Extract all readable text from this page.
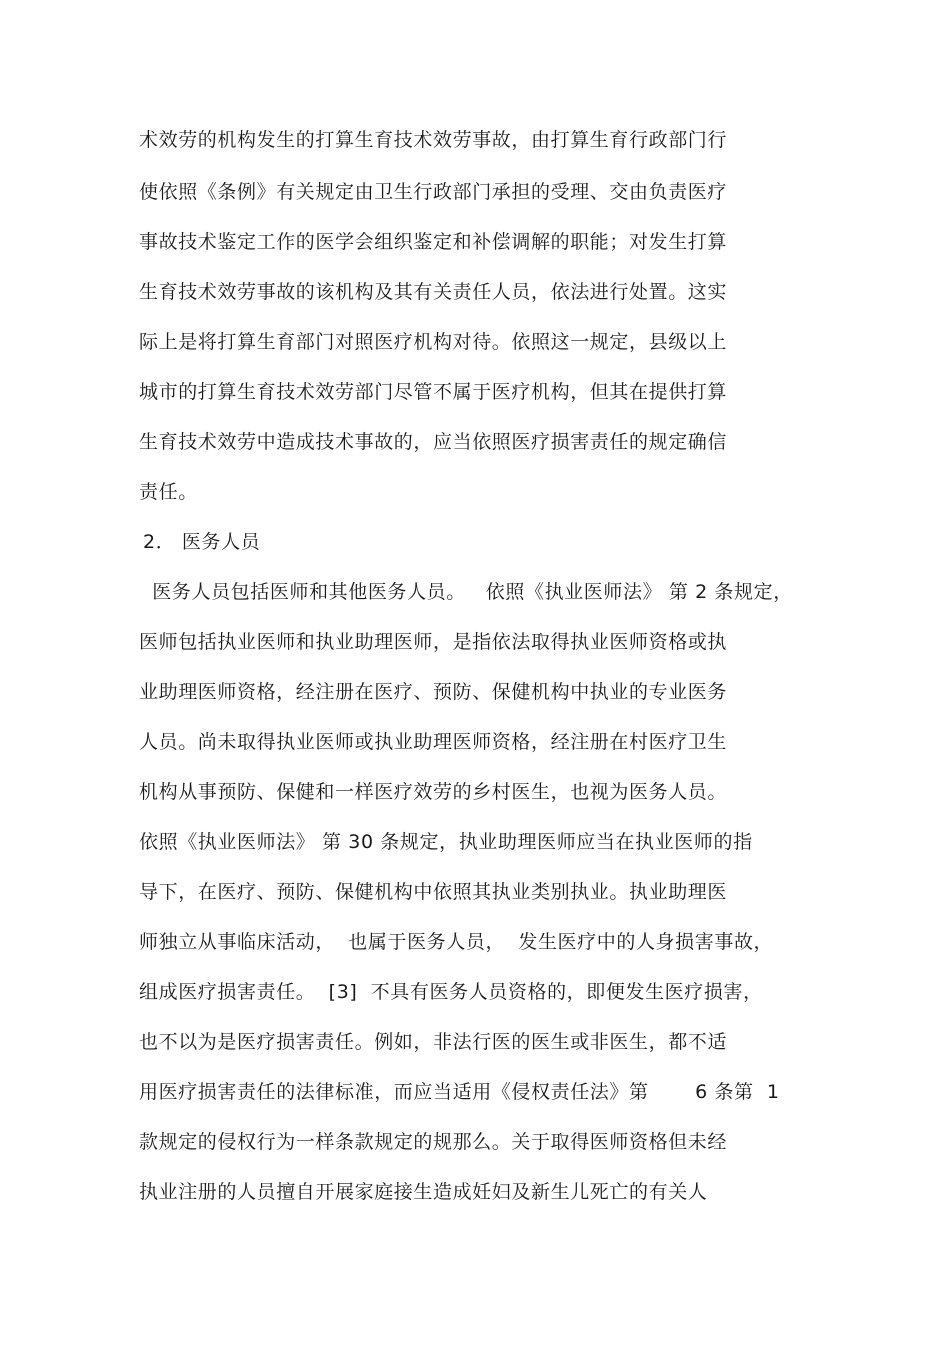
术效劳的机构发生的打算生育技术效劳事故，由打算生育行政部门行
使依照《条例》有关规定由卫生行政部门承担的受理、交由负责医疗
事故技术鉴定工作的医学会组织鉴定和补偿调解的职能；对发生打算
生育技术效劳事故的该机构及其有关责任人员，依法进行处置。这实
际上是将打算生育部门对照医疗机构对待。依照这一规定，县级以上
城市的打算生育技术效劳部门尽管不属于医疗机构，但其在提供打算
生育技术效劳中造成技术事故的，应当依照医疗损害责任的规定确信
责任。
2． 医务人员
医务人员包括医师和其他医务人员。   依照《执业医师法》 第 2 条规定，
医师包括执业医师和执业助理医师，是指依法取得执业医师资格或执
业助理医师资格，经注册在医疗、预防、保健机构中执业的专业医务
人员。尚未取得执业医师或执业助理医师资格，经注册在村医疗卫生
机构从事预防、保健和一样医疗效劳的乡村医生，也视为医务人员。
依照《执业医师法》 第 30 条规定，执业助理医师应当在执业医师的指
导下，在医疗、预防、保健机构中依照其执业类别执业。执业助理医
师独立从事临床活动，  也属于医务人员，  发生医疗中的人身损害事故，
组成医疗损害责任。  [3]  不具有医务人员资格的，即便发生医疗损害，
也不以为是医疗损害责任。例如，非法行医的医生或非医生，都不适
用医疗损害责任的法律标准，而应当适用《侵权责任法》第       6 条第  1
款规定的侵权行为一样条款规定的规那么。关于取得医师资格但未经
执业注册的人员擅自开展家庭接生造成妊妇及新生儿死亡的有关人
